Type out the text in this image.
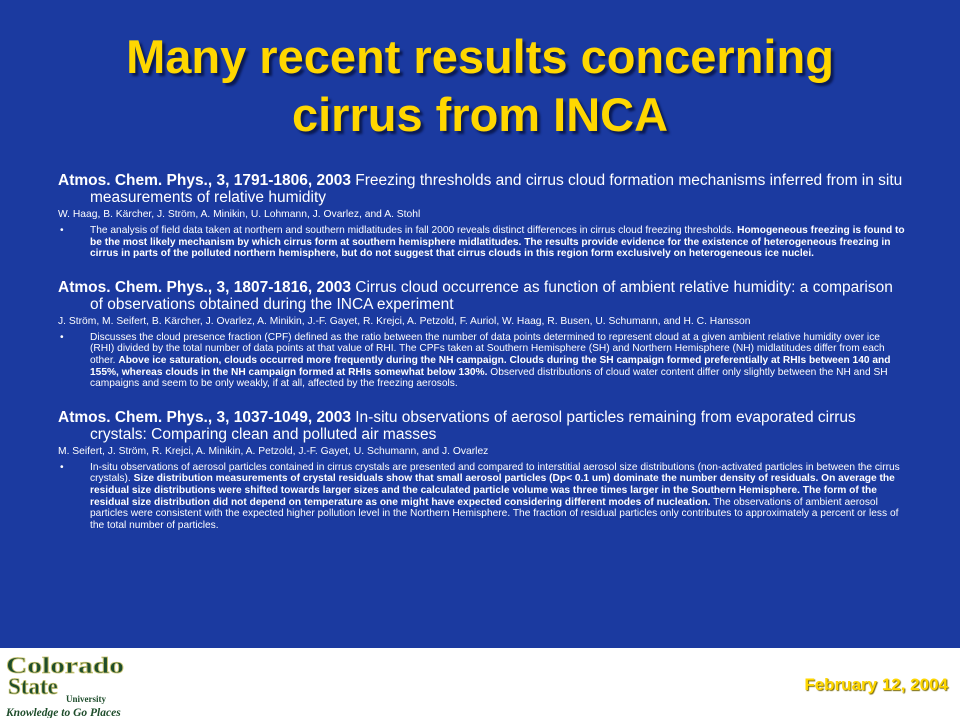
Many recent results concerning
cirrus from INCA

Atmos. Chem. Phys., 3, 1791-1806, 2003 Freezing thresholds and cirrus cloud formation mechanisms inferred from in situ measurements of relative humidity

W. Haag, B. Kärcher, J. Ström, A. Minikin, U. Lohmann, J. Ovarlez, and A. Stohl

•	The analysis of field data taken at northern and southern midlatitudes in fall 2000 reveals distinct differences in cirrus cloud freezing thresholds. Homogeneous freezing is found to be the most likely mechanism by which cirrus form at southern hemisphere midlatitudes. The results provide evidence for the existence of heterogeneous freezing in cirrus in parts of the polluted northern hemisphere, but do not suggest that cirrus clouds in this region form exclusively on heterogeneous ice nuclei.

Atmos. Chem. Phys., 3, 1807-1816, 2003 Cirrus cloud occurrence as function of ambient relative humidity: a comparison of observations obtained during the INCA experiment

J. Ström, M. Seifert, B. Kärcher, J. Ovarlez, A. Minikin, J.-F. Gayet, R. Krejci, A. Petzold, F. Auriol, W. Haag, R. Busen, U. Schumann, and H. C. Hansson

•	Discusses the cloud presence fraction (CPF) defined as the ratio between the number of data points determined to represent cloud at a given ambient relative humidity over ice (RHI) divided by the total number of data points at that value of RHI. The CPFs taken at Southern Hemisphere (SH) and Northern Hemisphere (NH) midlatitudes differ from each other. Above ice saturation, clouds occurred more frequently during the NH campaign. Clouds during the SH campaign formed preferentially at RHIs between 140 and 155%, whereas clouds in the NH campaign formed at RHIs somewhat below 130%. Observed distributions of cloud water content differ only slightly between the NH and SH campaigns and seem to be only weakly, if at all, affected by the freezing aerosols.

Atmos. Chem. Phys., 3, 1037-1049, 2003 In-situ observations of aerosol particles remaining from evaporated cirrus crystals: Comparing clean and polluted air masses

M. Seifert, J. Ström, R. Krejci, A. Minikin, A. Petzold, J.-F. Gayet, U. Schumann, and J. Ovarlez

•	In-situ observations of aerosol particles contained in cirrus crystals are presented and compared to interstitial aerosol size distributions (non-activated particles in between the cirrus crystals). Size distribution measurements of crystal residuals show that small aerosol particles (Dp< 0.1 um) dominate the number density of residuals. On average the residual size distributions were shifted towards larger sizes and the calculated particle volume was three times larger in the Southern Hemisphere. The form of the residual size distribution did not depend on temperature as one might have expected considering different modes of nucleation. The observations of ambient aerosol particles were consistent with the expected higher pollution level in the Northern Hemisphere. The fraction of residual particles only contributes to approximately a percent or less of the total number of particles.

Colorado
State University
Knowledge to Go Places
February 12, 2004
